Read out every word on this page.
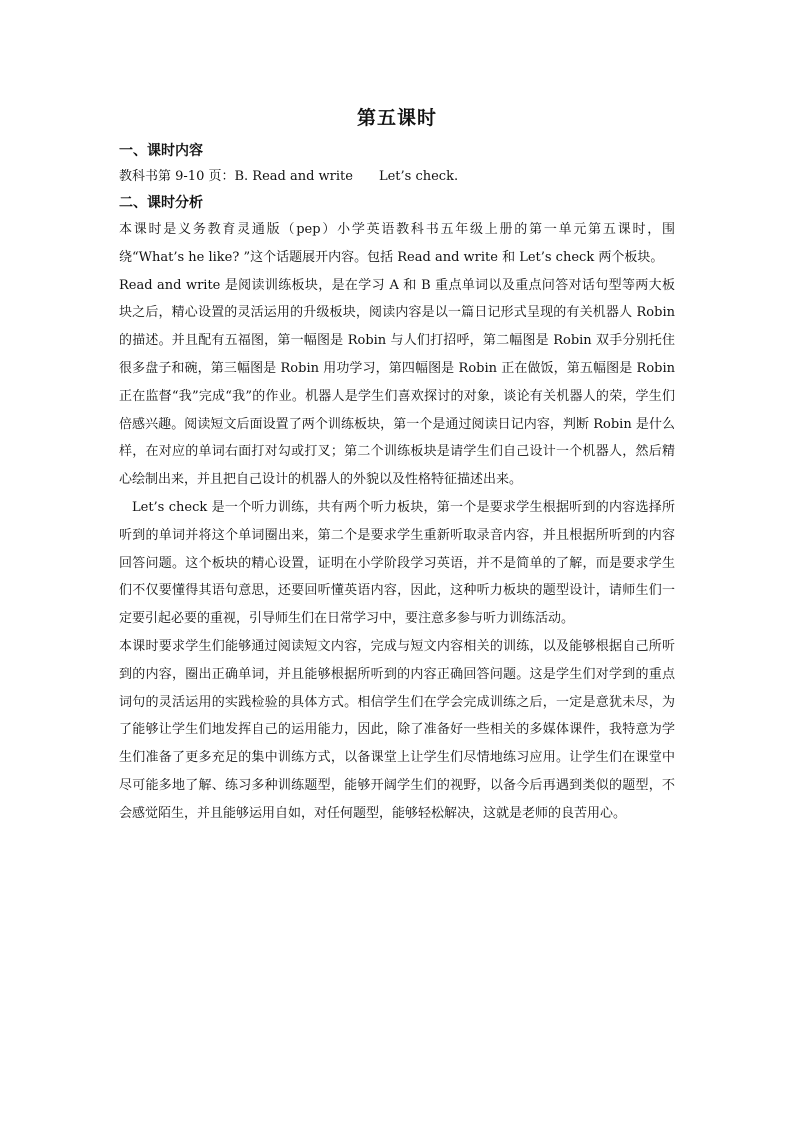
第五课时
一、课时内容
教科书第 9-10 页：B. Read and write　　Let’s check.
二、课时分析
本课时是义务教育灵通版（pep）小学英语教科书五年级上册的第一单元第五课时，围绕“What’s he like? ”这个话题展开内容。包括 Read and write 和 Let’s check 两个板块。
Read and write 是阅读训练板块，是在学习 A 和 B 重点单词以及重点问答对话句型等两大板块之后，精心设置的灵活运用的升级板块，阅读内容是以一篇日记形式呈现的有关机器人 Robin 的描述。并且配有五福图，第一幅图是 Robin 与人们打招呼，第二幅图是 Robin 双手分别托住很多盘子和碗，第三幅图是 Robin 用功学习，第四幅图是 Robin 正在做饭，第五幅图是 Robin 正在监督“我”完成“我”的作业。机器人是学生们喜欢探讨的对象，谈论有关机器人的荣，学生们倍感兴趣。阅读短文后面设置了两个训练板块，第一个是通过阅读日记内容，判断 Robin 是什么样，在对应的单词右面打对勾或打叉；第二个训练板块是请学生们自己设计一个机器人，然后精心绘制出来，并且把自己设计的机器人的外貌以及性格特征描述出来。
Let’s check 是一个听力训练，共有两个听力板块，第一个是要求学生根据听到的内容选择所听到的单词并将这个单词圈出来，第二个是要求学生重新听取录音内容，并且根据所听到的内容回答问题。这个板块的精心设置，证明在小学阶段学习英语，并不是简单的了解，而是要求学生们不仅要懂得其语句意思，还要回听懂英语内容，因此，这种听力板块的题型设计，请师生们一定要引起必要的重视，引导师生们在日常学习中，要注意多参与听力训练活动。
本课时要求学生们能够通过阅读短文内容，完成与短文内容相关的训练，以及能够根据自己所听到的内容，圈出正确单词，并且能够根据所听到的内容正确回答问题。这是学生们对学到的重点词句的灵活运用的实践检验的具体方式。相信学生们在学会完成训练之后，一定是意犹未尽，为了能够让学生们地发挥自己的运用能力，因此，除了准备好一些相关的多媒体课件，我特意为学生们准备了更多充足的集中训练方式，以备课堂上让学生们尽情地练习应用。让学生们在课堂中尽可能多地了解、练习多种训练题型，能够开阔学生们的视野，以备今后再遇到类似的题型，不会感觉陌生，并且能够运用自如，对任何题型，能够轻松解决，这就是老师的良苦用心。
